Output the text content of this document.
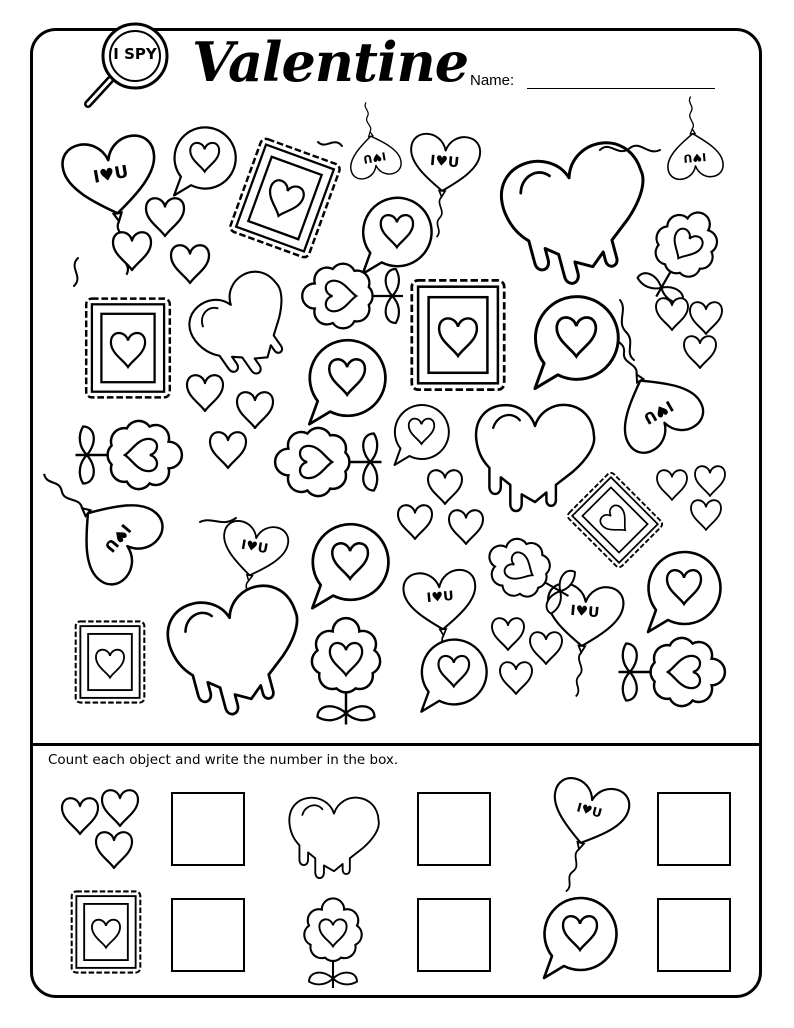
I♥U
I♥U
I♥U	I♥U
I♥U
I♥U	I♥U
I♥U
I♥U
I♥U
I SPY Valentine Name:
Count each object and write the number in the box.
